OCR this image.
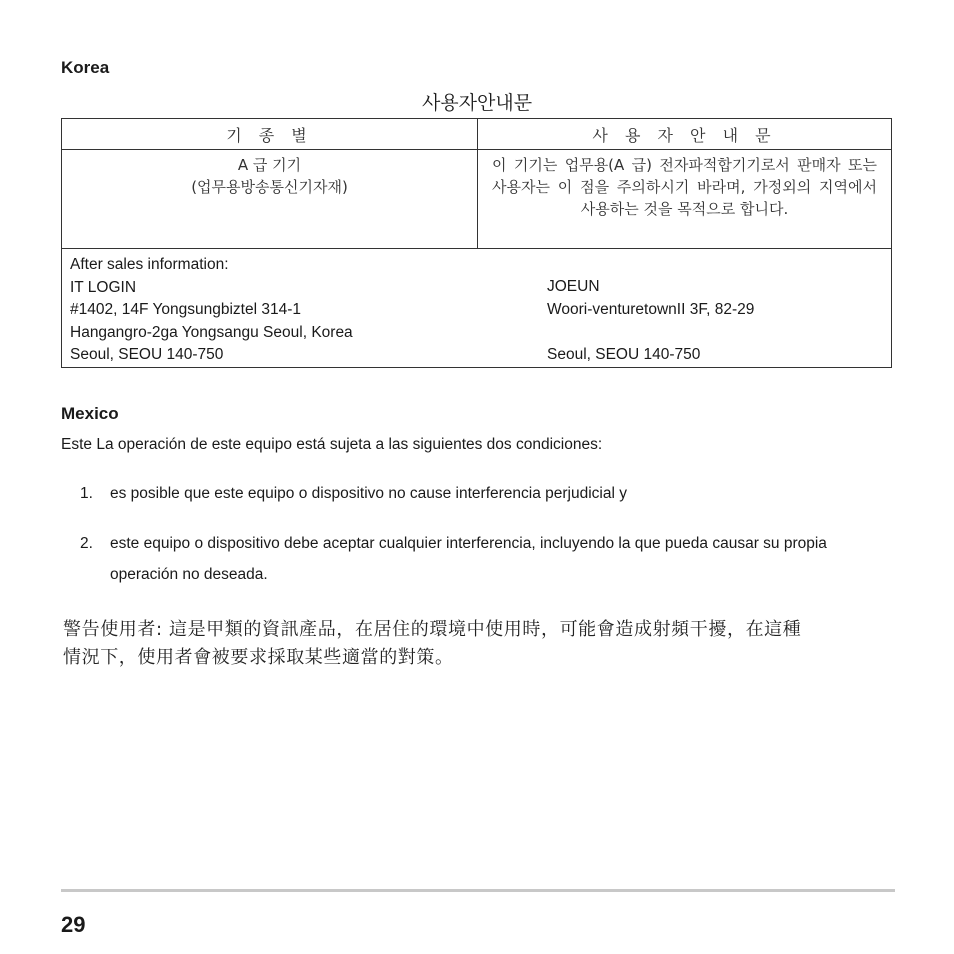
Korea
사용자안내문
기 종 별	사 용 자 안 내 문
A 급 기기
(업무용방송통신기자재)
이 기기는 업무용(A 급) 전자파적합기기로서 판매자 또는 사용자는 이 점을 주의하시기 바라며, 가정외의 지역에서 사용하는 것을 목적으로 합니다.
After sales information:
IT LOGIN
#1402, 14F Yongsungbiztel 314-1
Hangangro-2ga Yongsangu Seoul, Korea
Seoul, SEOU 140-750
JOEUN
Woori-venturetownII 3F, 82-29
Seoul, SEOU 140-750
Mexico
Este La operación de este equipo está sujeta a las siguientes dos condiciones:
1. es posible que este equipo o dispositivo no cause interferencia perjudicial y
2. este equipo o dispositivo debe aceptar cualquier interferencia, incluyendo la que pueda causar su propia operación no deseada.
警告使用者: 這是甲類的資訊產品，在居住的環境中使用時，可能會造成射頻干擾，在這種
情況下，使用者會被要求採取某些適當的對策。
29
